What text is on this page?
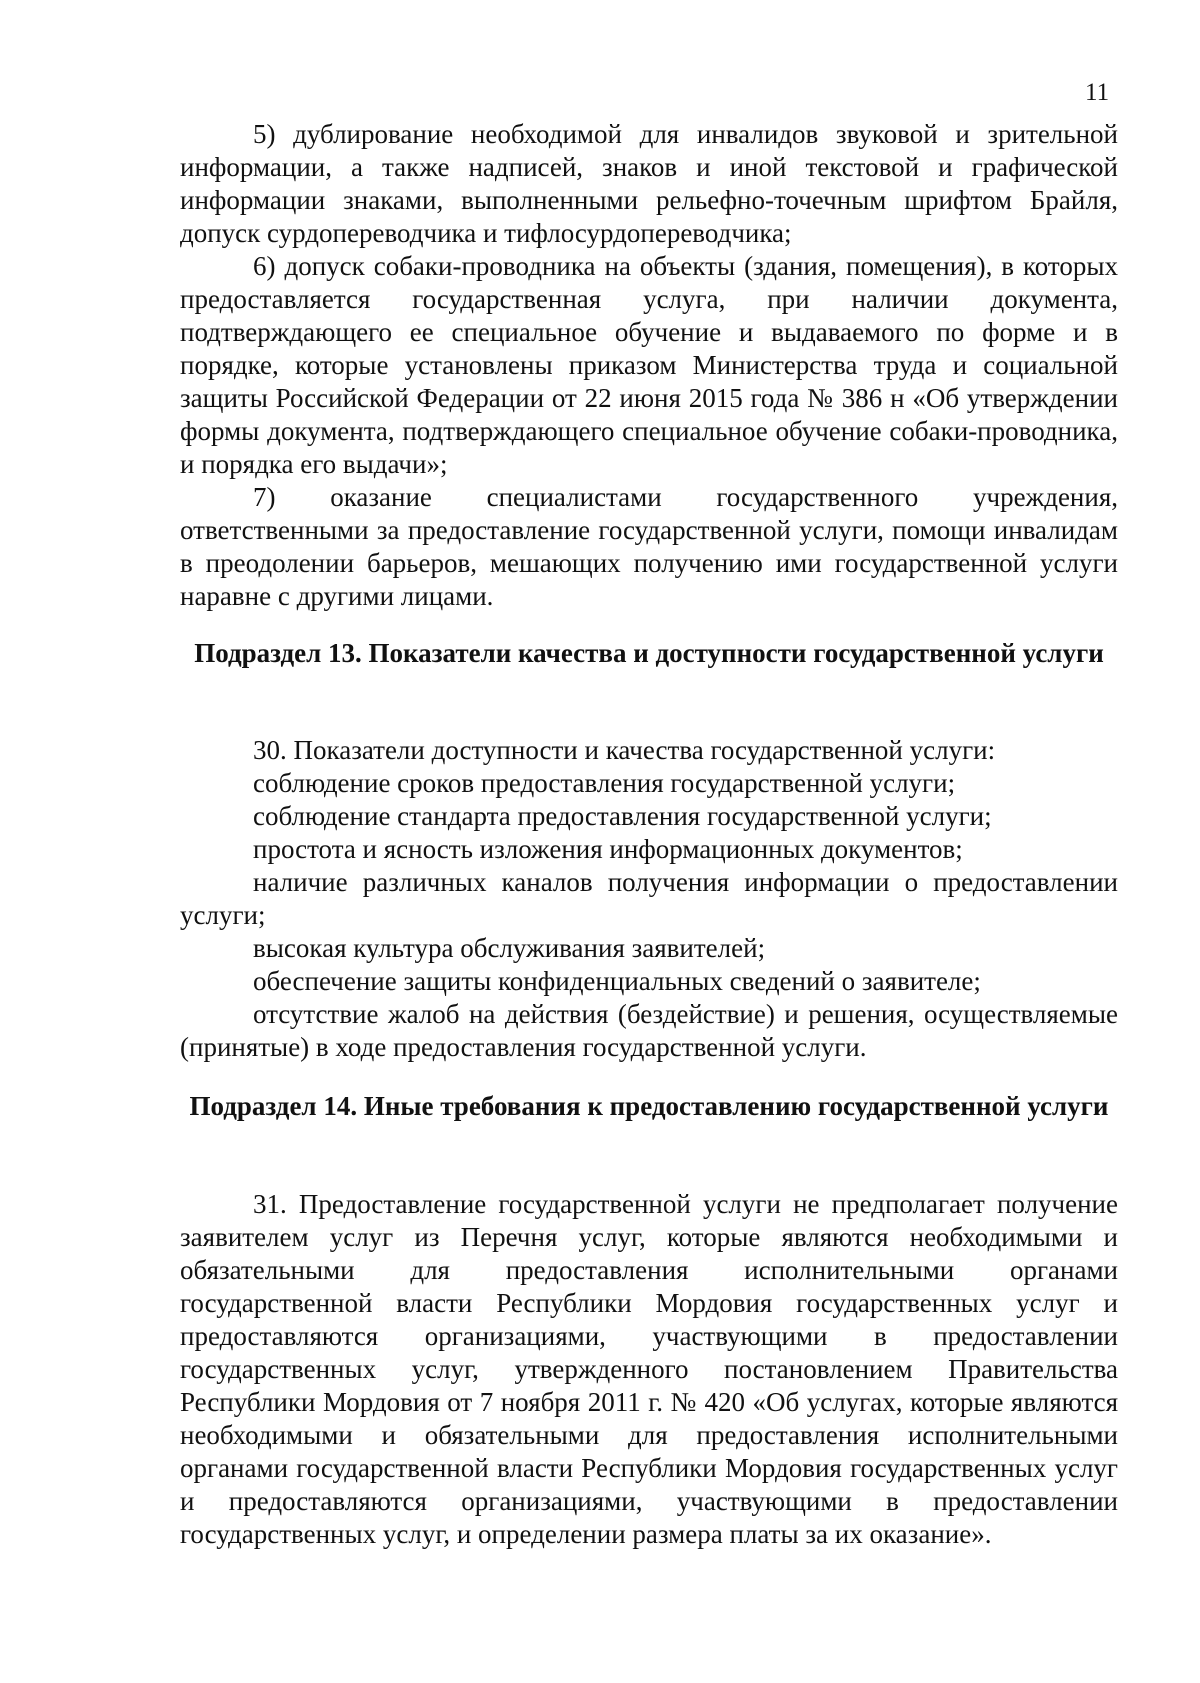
11

5) дублирование необходимой для инвалидов звуковой и зрительной информации, а также надписей, знаков и иной текстовой и графической информации знаками, выполненными рельефно-точечным шрифтом Брайля, допуск сурдопереводчика и тифлосурдопереводчика;

6) допуск собаки-проводника на объекты (здания, помещения), в которых предоставляется государственная услуга, при наличии документа, подтверждающего ее специальное обучение и выдаваемого по форме и в порядке, которые установлены приказом Министерства труда и социальной защиты Российской Федерации от 22 июня 2015 года № 386 н «Об утверждении формы документа, подтверждающего специальное обучение собаки-проводника, и порядка его выдачи»;

7) оказание специалистами государственного учреждения, ответственными за предоставление государственной услуги, помощи инвалидам в преодолении барьеров, мешающих получению ими государственной услуги наравне с другими лицами.

Подраздел 13. Показатели качества и доступности государственной услуги

30. Показатели доступности и качества государственной услуги:

соблюдение сроков предоставления государственной услуги;

соблюдение стандарта предоставления государственной услуги;

простота и ясность изложения информационных документов;

наличие различных каналов получения информации о предоставлении услуги;

высокая культура обслуживания заявителей;

обеспечение защиты конфиденциальных сведений о заявителе;

отсутствие жалоб на действия (бездействие) и решения, осуществляемые (принятые) в ходе предоставления государственной услуги.

Подраздел 14. Иные требования к предоставлению государственной услуги

31. Предоставление государственной услуги не предполагает получение заявителем услуг из Перечня услуг, которые являются необходимыми и обязательными для предоставления исполнительными органами государственной власти Республики Мордовия государственных услуг и предоставляются организациями, участвующими в предоставлении государственных услуг, утвержденного постановлением Правительства Республики Мордовия от 7 ноября 2011 г. № 420 «Об услугах, которые являются необходимыми и обязательными для предоставления исполнительными органами государственной власти Республики Мордовия государственных услуг и предоставляются организациями, участвующими в предоставлении государственных услуг, и определении размера платы за их оказание».
